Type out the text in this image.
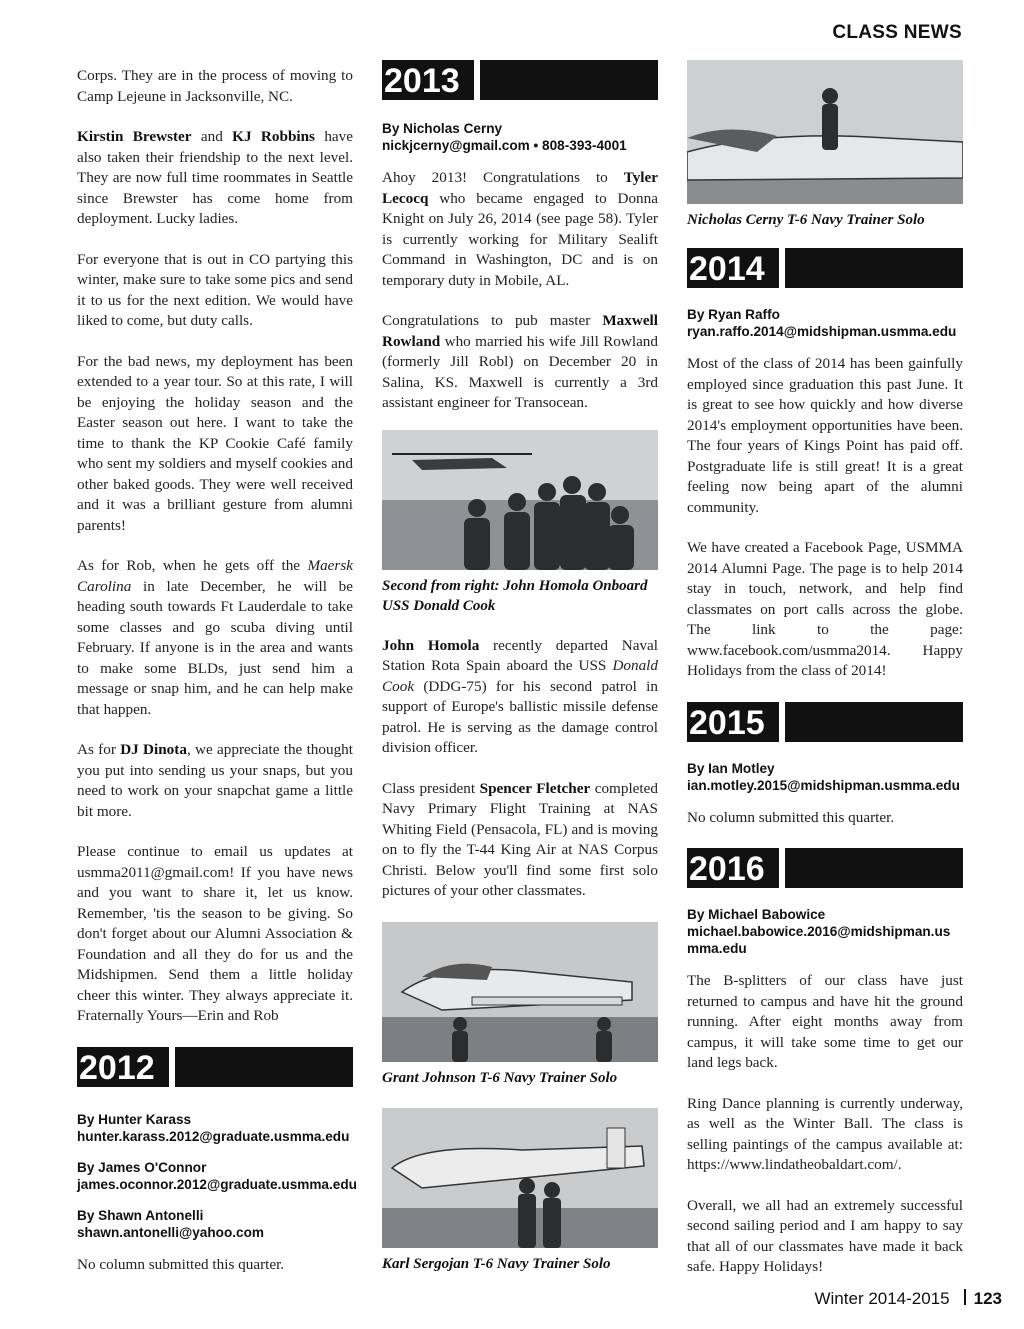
CLASS NEWS

Corps. They are in the process of moving to Camp Lejeune in Jacksonville, NC.

Kirstin Brewster and KJ Robbins have also taken their friendship to the next level. They are now full time roommates in Seattle since Brewster has come home from deployment. Lucky ladies.

For everyone that is out in CO partying this winter, make sure to take some pics and send it to us for the next edition. We would have liked to come, but duty calls.

For the bad news, my deployment has been extended to a year tour. So at this rate, I will be enjoying the holiday season and the Easter season out here. I want to take the time to thank the KP Cookie Café family who sent my soldiers and myself cookies and other baked goods. They were well received and it was a brilliant gesture from alumni parents!

As for Rob, when he gets off the Maersk Carolina in late December, he will be heading south towards Ft Lauderdale to take some classes and go scuba diving until February. If anyone is in the area and wants to make some BLDs, just send him a message or snap him, and he can help make that happen.

As for DJ Dinota, we appreciate the thought you put into sending us your snaps, but you need to work on your snapchat game a little bit more.

Please continue to email us updates at usmma2011@gmail.com! If you have news and you want to share it, let us know. Remember, 'tis the season to be giving. So don't forget about our Alumni Association & Foundation and all they do for us and the Midshipmen. Send them a little holiday cheer this winter. They always appreciate it. Fraternally Yours—Erin and Rob

2012
By Hunter Karass
hunter.karass.2012@graduate.usmma.edu
By James O'Connor
james.oconnor.2012@graduate.usmma.edu
By Shawn Antonelli
shawn.antonelli@yahoo.com

No column submitted this quarter.

2013
By Nicholas Cerny
nickjcerny@gmail.com • 808-393-4001

Ahoy 2013! Congratulations to Tyler Lecocq who became engaged to Donna Knight on July 26, 2014 (see page 58). Tyler is currently working for Military Sealift Command in Washington, DC and is on temporary duty in Mobile, AL.

Congratulations to pub master Maxwell Rowland who married his wife Jill Rowland (formerly Jill Robl) on December 20 in Salina, KS. Maxwell is currently a 3rd assistant engineer for Transocean.

Second from right: John Homola Onboard USS Donald Cook

John Homola recently departed Naval Station Rota Spain aboard the USS Donald Cook (DDG-75) for his second patrol in support of Europe's ballistic missile defense patrol. He is serving as the damage control division officer.

Class president Spencer Fletcher completed Navy Primary Flight Training at NAS Whiting Field (Pensacola, FL) and is moving on to fly the T-44 King Air at NAS Corpus Christi. Below you'll find some first solo pictures of your other classmates.

Grant Johnson T-6 Navy Trainer Solo
Karl Sergojan T-6 Navy Trainer Solo
Nicholas Cerny T-6 Navy Trainer Solo
2014
By Ryan Raffo
ryan.raffo.2014@midshipman.usmma.edu

Most of the class of 2014 has been gainfully employed since graduation this past June. It is great to see how quickly and how diverse 2014's employment opportunities have been. The four years of Kings Point has paid off. Postgraduate life is still great! It is a great feeling now being apart of the alumni community.

We have created a Facebook Page, USMMA 2014 Alumni Page. The page is to help 2014 stay in touch, network, and help find classmates on port calls across the globe. The link to the page: www.facebook.com/usmma2014. Happy Holidays from the class of 2014!

2015
By Ian Motley
ian.motley.2015@midshipman.usmma.edu

No column submitted this quarter.

2016
By Michael Babowice
michael.babowice.2016@midshipman.usmma.edu

The B-splitters of our class have just returned to campus and have hit the ground running. After eight months away from campus, it will take some time to get our land legs back.

Ring Dance planning is currently underway, as well as the Winter Ball. The class is selling paintings of the campus available at: https://www.lindatheobaldart.com/.

Overall, we all had an extremely successful second sailing period and I am happy to say that all of our classmates have made it back safe. Happy Holidays!

Winter 2014-2015 123
